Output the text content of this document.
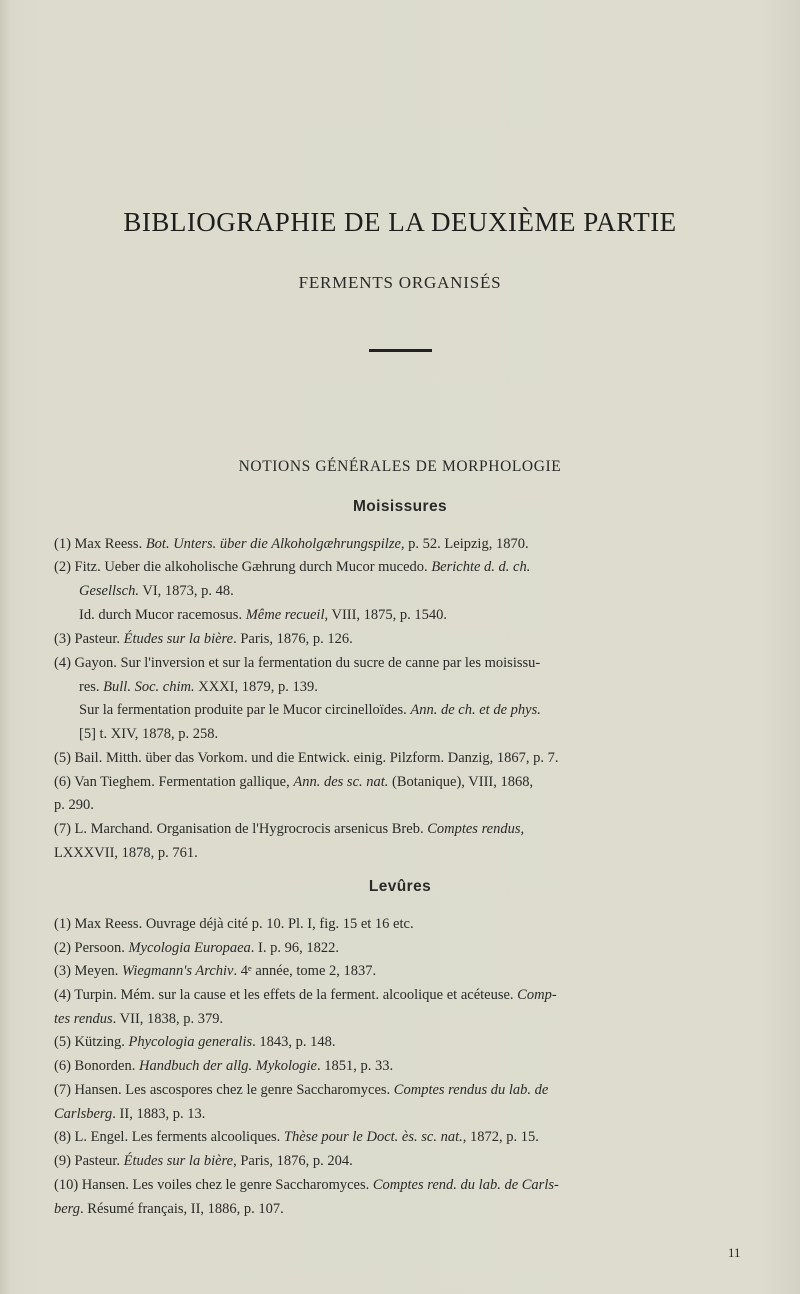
BIBLIOGRAPHIE DE LA DEUXIÈME PARTIE
FERMENTS ORGANISÉS
NOTIONS GÉNÉRALES DE MORPHOLOGIE
Moisissures
(1) Max Reess. Bot. Unters. über die Alkoholgæhrungspilze, p. 52. Leipzig, 1870.
(2) Fitz. Ueber die alkoholische Gæhrung durch Mucor mucedo. Berichte d. d. ch.
Gesellsch. VI, 1873, p. 48.
Id. durch Mucor racemosus. Même recueil, VIII, 1875, p. 1540.
(3) Pasteur. Études sur la bière. Paris, 1876, p. 126.
(4) Gayon. Sur l'inversion et sur la fermentation du sucre de canne par les moisissu-
res. Bull. Soc. chim. XXXI, 1879, p. 139.
Sur la fermentation produite par le Mucor circinelloïdes. Ann. de ch. et de phys.
[5] t. XIV, 1878, p. 258.
(5) Bail. Mitth. über das Vorkom. und die Entwick. einig. Pilzform. Danzig, 1867, p. 7.
(6) Van Tieghem. Fermentation gallique, Ann. des sc. nat. (Botanique), VIII, 1868,
p. 290.
(7) L. Marchand. Organisation de l'Hygrocrocis arsenicus Breb. Comptes rendus,
LXXXVII, 1878, p. 761.
Levûres
(1) Max Reess. Ouvrage déjà cité p. 10. Pl. I, fig. 15 et 16 etc.
(2) Persoon. Mycologia Europaea. I. p. 96, 1822.
(3) Meyen. Wiegmann's Archiv. 4ᵉ année, tome 2, 1837.
(4) Turpin. Mém. sur la cause et les effets de la ferment. alcoolique et acéteuse. Comp-
tes rendus. VII, 1838, p. 379.
(5) Kützing. Phycologia generalis. 1843, p. 148.
(6) Bonorden. Handbuch der allg. Mykologie. 1851, p. 33.
(7) Hansen. Les ascospores chez le genre Saccharomyces. Comptes rendus du lab. de
Carlsberg. II, 1883, p. 13.
(8) L. Engel. Les ferments alcooliques. Thèse pour le Doct. ès. sc. nat., 1872, p. 15.
(9) Pasteur. Études sur la bière, Paris, 1876, p. 204.
(10) Hansen. Les voiles chez le genre Saccharomyces. Comptes rend. du lab. de Carls-
berg. Résumé français, II, 1886, p. 107.
11
